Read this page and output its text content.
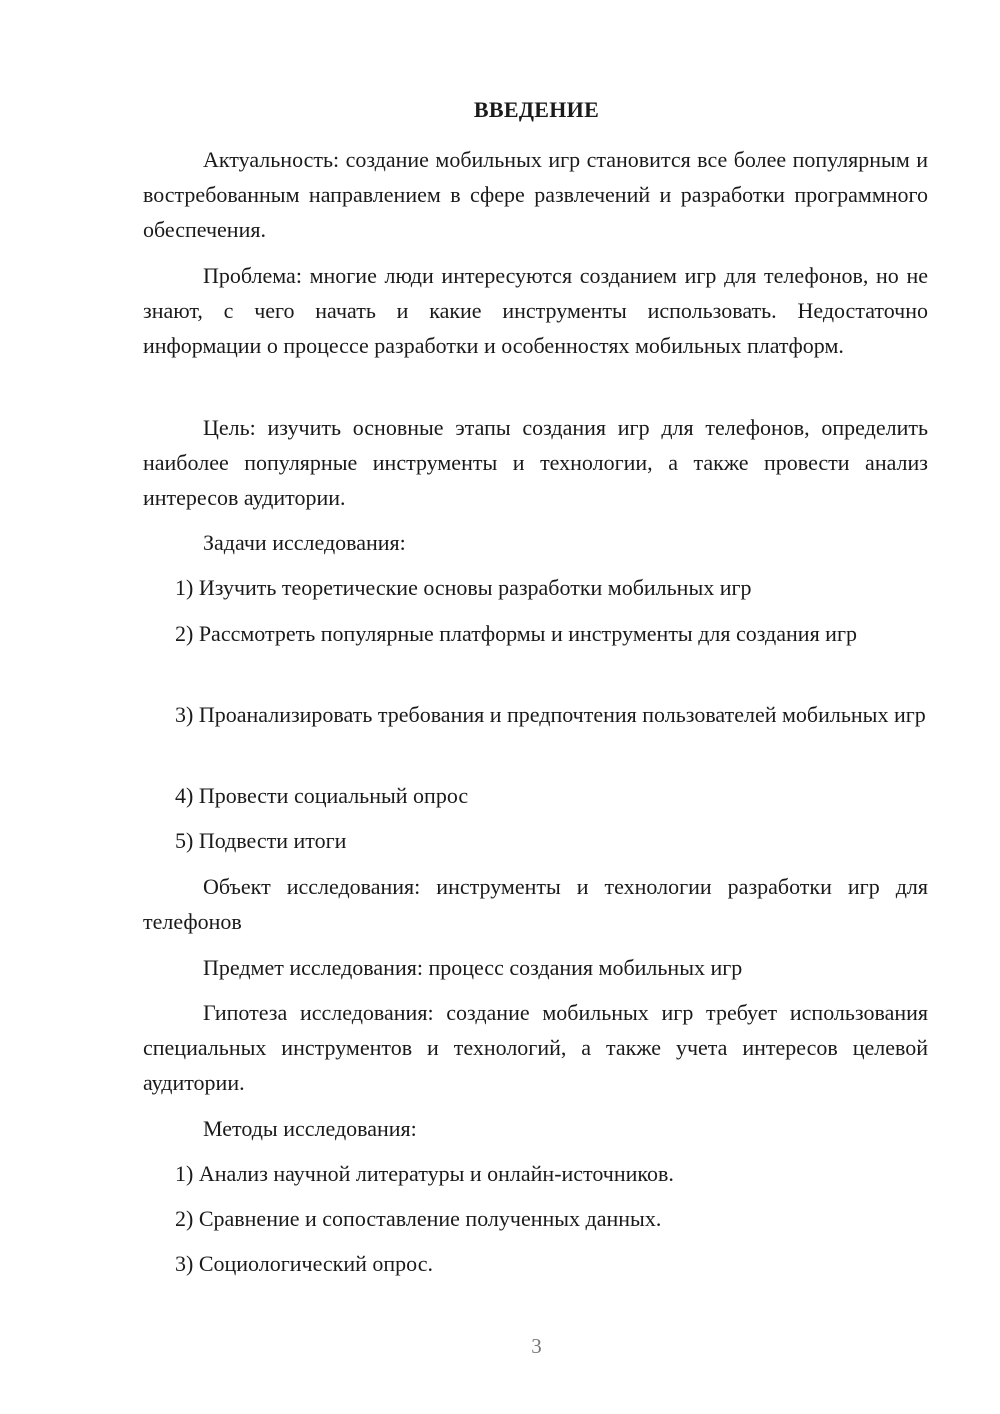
ВВЕДЕНИЕ

Актуальность: создание мобильных игр становится все более популярным и востребованным направлением в сфере развлечений и разработки программного обеспечения.

Проблема: многие люди интересуются созданием игр для телефонов, но не знают, с чего начать и какие инструменты использовать. Недостаточно информации о процессе разработки и особенностях мобильных платформ.

Цель: изучить основные этапы создания игр для телефонов, определить наиболее популярные инструменты и технологии, а также провести анализ интересов аудитории.

Задачи исследования:

1) Изучить теоретические основы разработки мобильных игр

2) Рассмотреть популярные платформы и инструменты для создания игр

3) Проанализировать требования и предпочтения пользователей мобильных игр

4) Провести социальный опрос

5) Подвести итоги

Объект исследования: инструменты и технологии разработки игр для телефонов

Предмет исследования: процесс создания мобильных игр

Гипотеза исследования: создание мобильных игр требует использования специальных инструментов и технологий, а также учета интересов целевой аудитории.

Методы исследования:

1) Анализ научной литературы и онлайн-источников.

2) Сравнение и сопоставление полученных данных.

3) Социологический опрос.

3
